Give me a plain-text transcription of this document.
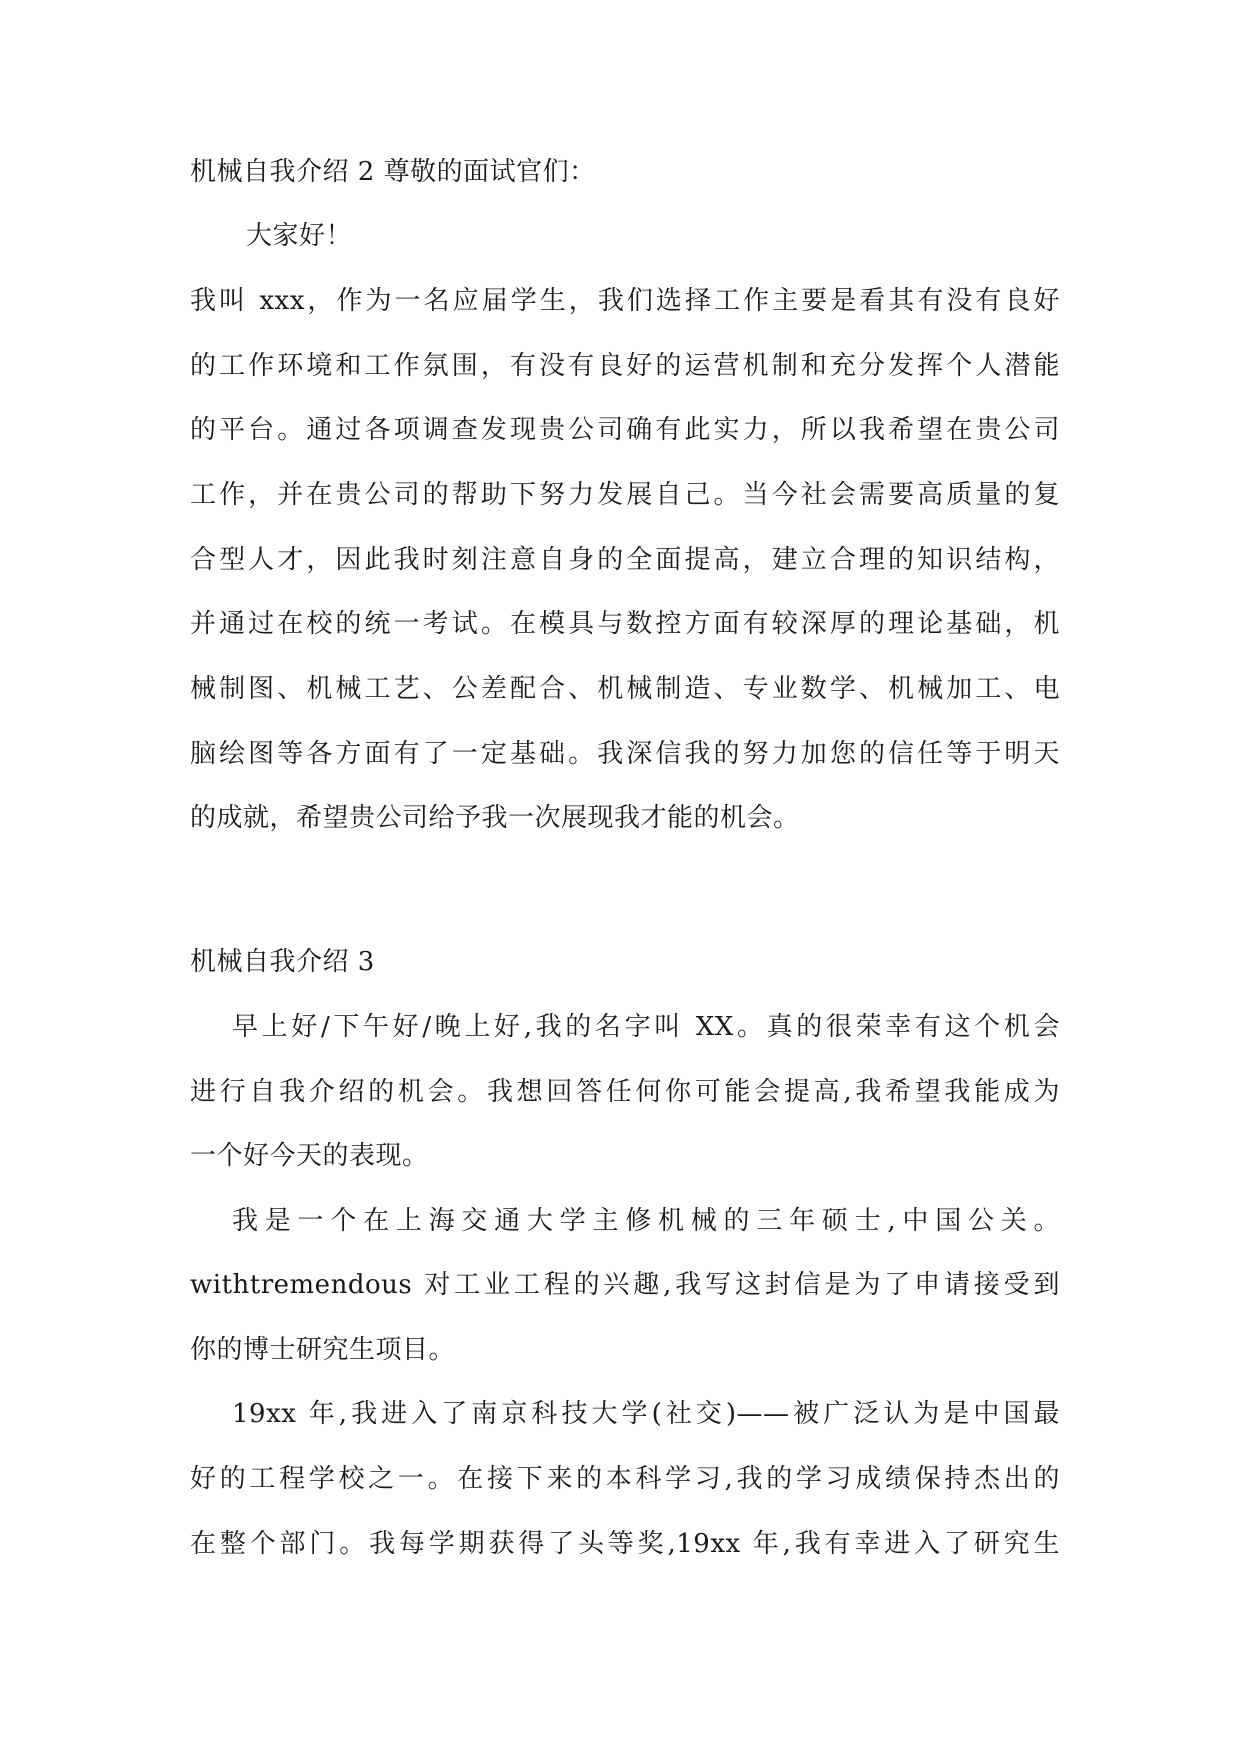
机械自我介绍 2 尊敬的面试官们：
大家好！
我叫 xxx，作为一名应届学生，我们选择工作主要是看其有没有良好
的工作环境和工作氛围，有没有良好的运营机制和充分发挥个人潜能
的平台。通过各项调查发现贵公司确有此实力，所以我希望在贵公司
工作，并在贵公司的帮助下努力发展自己。当今社会需要高质量的复
合型人才，因此我时刻注意自身的全面提高，建立合理的知识结构，
并通过在校的统一考试。在模具与数控方面有较深厚的理论基础，机
械制图、机械工艺、公差配合、机械制造、专业数学、机械加工、电
脑绘图等各方面有了一定基础。我深信我的努力加您的信任等于明天
的成就，希望贵公司给予我一次展现我才能的机会。
机械自我介绍 3
早上好/下午好/晚上好,我的名字叫 XX。真的很荣幸有这个机会
进行自我介绍的机会。我想回答任何你可能会提高,我希望我能成为
一个好今天的表现。
我是一个在上海交通大学主修机械的三年硕士,中国公关。
withtremendous 对工业工程的兴趣,我写这封信是为了申请接受到
你的博士研究生项目。
19xx 年,我进入了南京科技大学(社交)——被广泛认为是中国最
好的工程学校之一。在接下来的本科学习,我的学习成绩保持杰出的
在整个部门。我每学期获得了头等奖,19xx 年,我有幸进入了研究生
